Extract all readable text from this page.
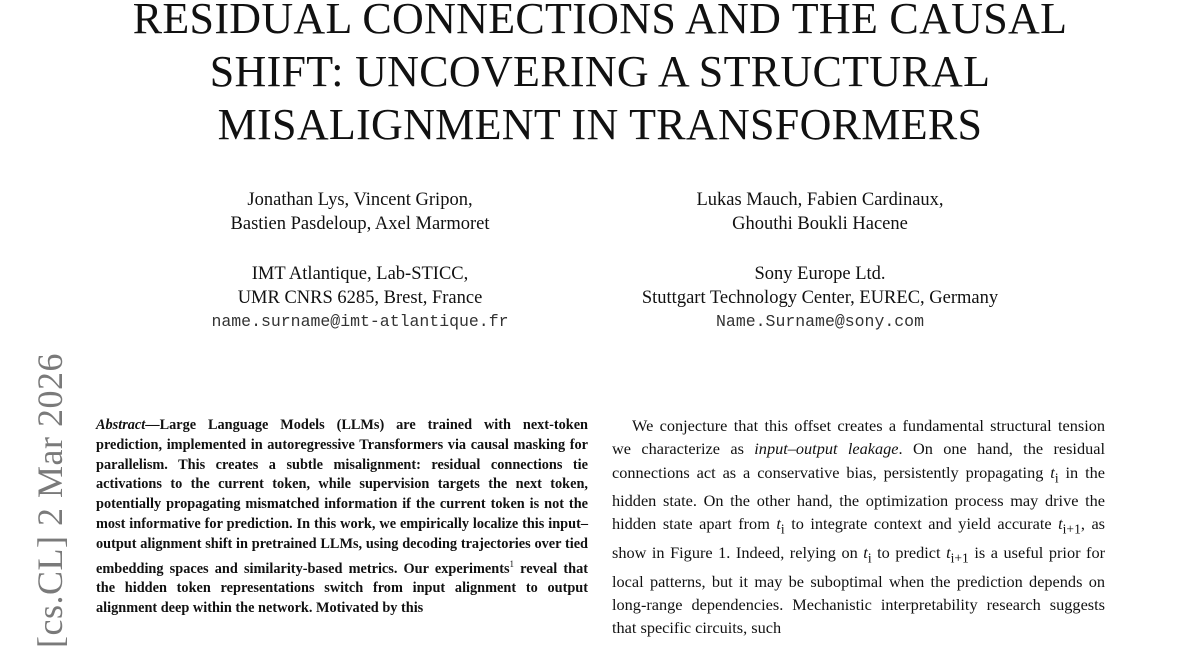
RESIDUAL CONNECTIONS AND THE CAUSAL
SHIFT: UNCOVERING A STRUCTURAL
MISALIGNMENT IN TRANSFORMERS
Jonathan Lys, Vincent Gripon,
Bastien Pasdeloup, Axel Marmoret
IMT Atlantique, Lab-STICC,
UMR CNRS 6285, Brest, France
name.surname@imt-atlantique.fr
Lukas Mauch, Fabien Cardinaux,
Ghouthi Boukli Hacene
Sony Europe Ltd.
Stuttgart Technology Center, EUREC, Germany
Name.Surname@sony.com
[cs.CL] 2 Mar 2026 Abstract—Large Language Models (LLMs) are trained with next-token prediction, implemented in autoregressive Transformers via causal masking for parallelism. This creates a subtle misalignment: residual connections tie activations to the current token, while supervision targets the next token, potentially propagating mismatched information if the current token is not the most informative for prediction. In this work, we empirically localize this input–output alignment shift in pretrained LLMs, using decoding trajectories over tied embedding spaces and similarity-based metrics. Our experiments$^1$ reveal that the hidden token representations switch from input alignment to output alignment deep within the network. Motivated by this

We conjecture that this offset creates a fundamental structural tension we characterize as input–output leakage. On one hand, the residual connections act as a conservative bias, persistently propagating $t_i$ in the hidden state. On the other hand, the optimization process may drive the hidden state apart from $t_i$ to integrate context and yield accurate $t_{i+1}$, as show in Figure 1. Indeed, relying on $t_i$ to predict $t_{i+1}$ is a useful prior for local patterns, but it may be suboptimal when the prediction depends on long-range dependencies. Mechanistic interpretability research suggests that specific circuits, such
